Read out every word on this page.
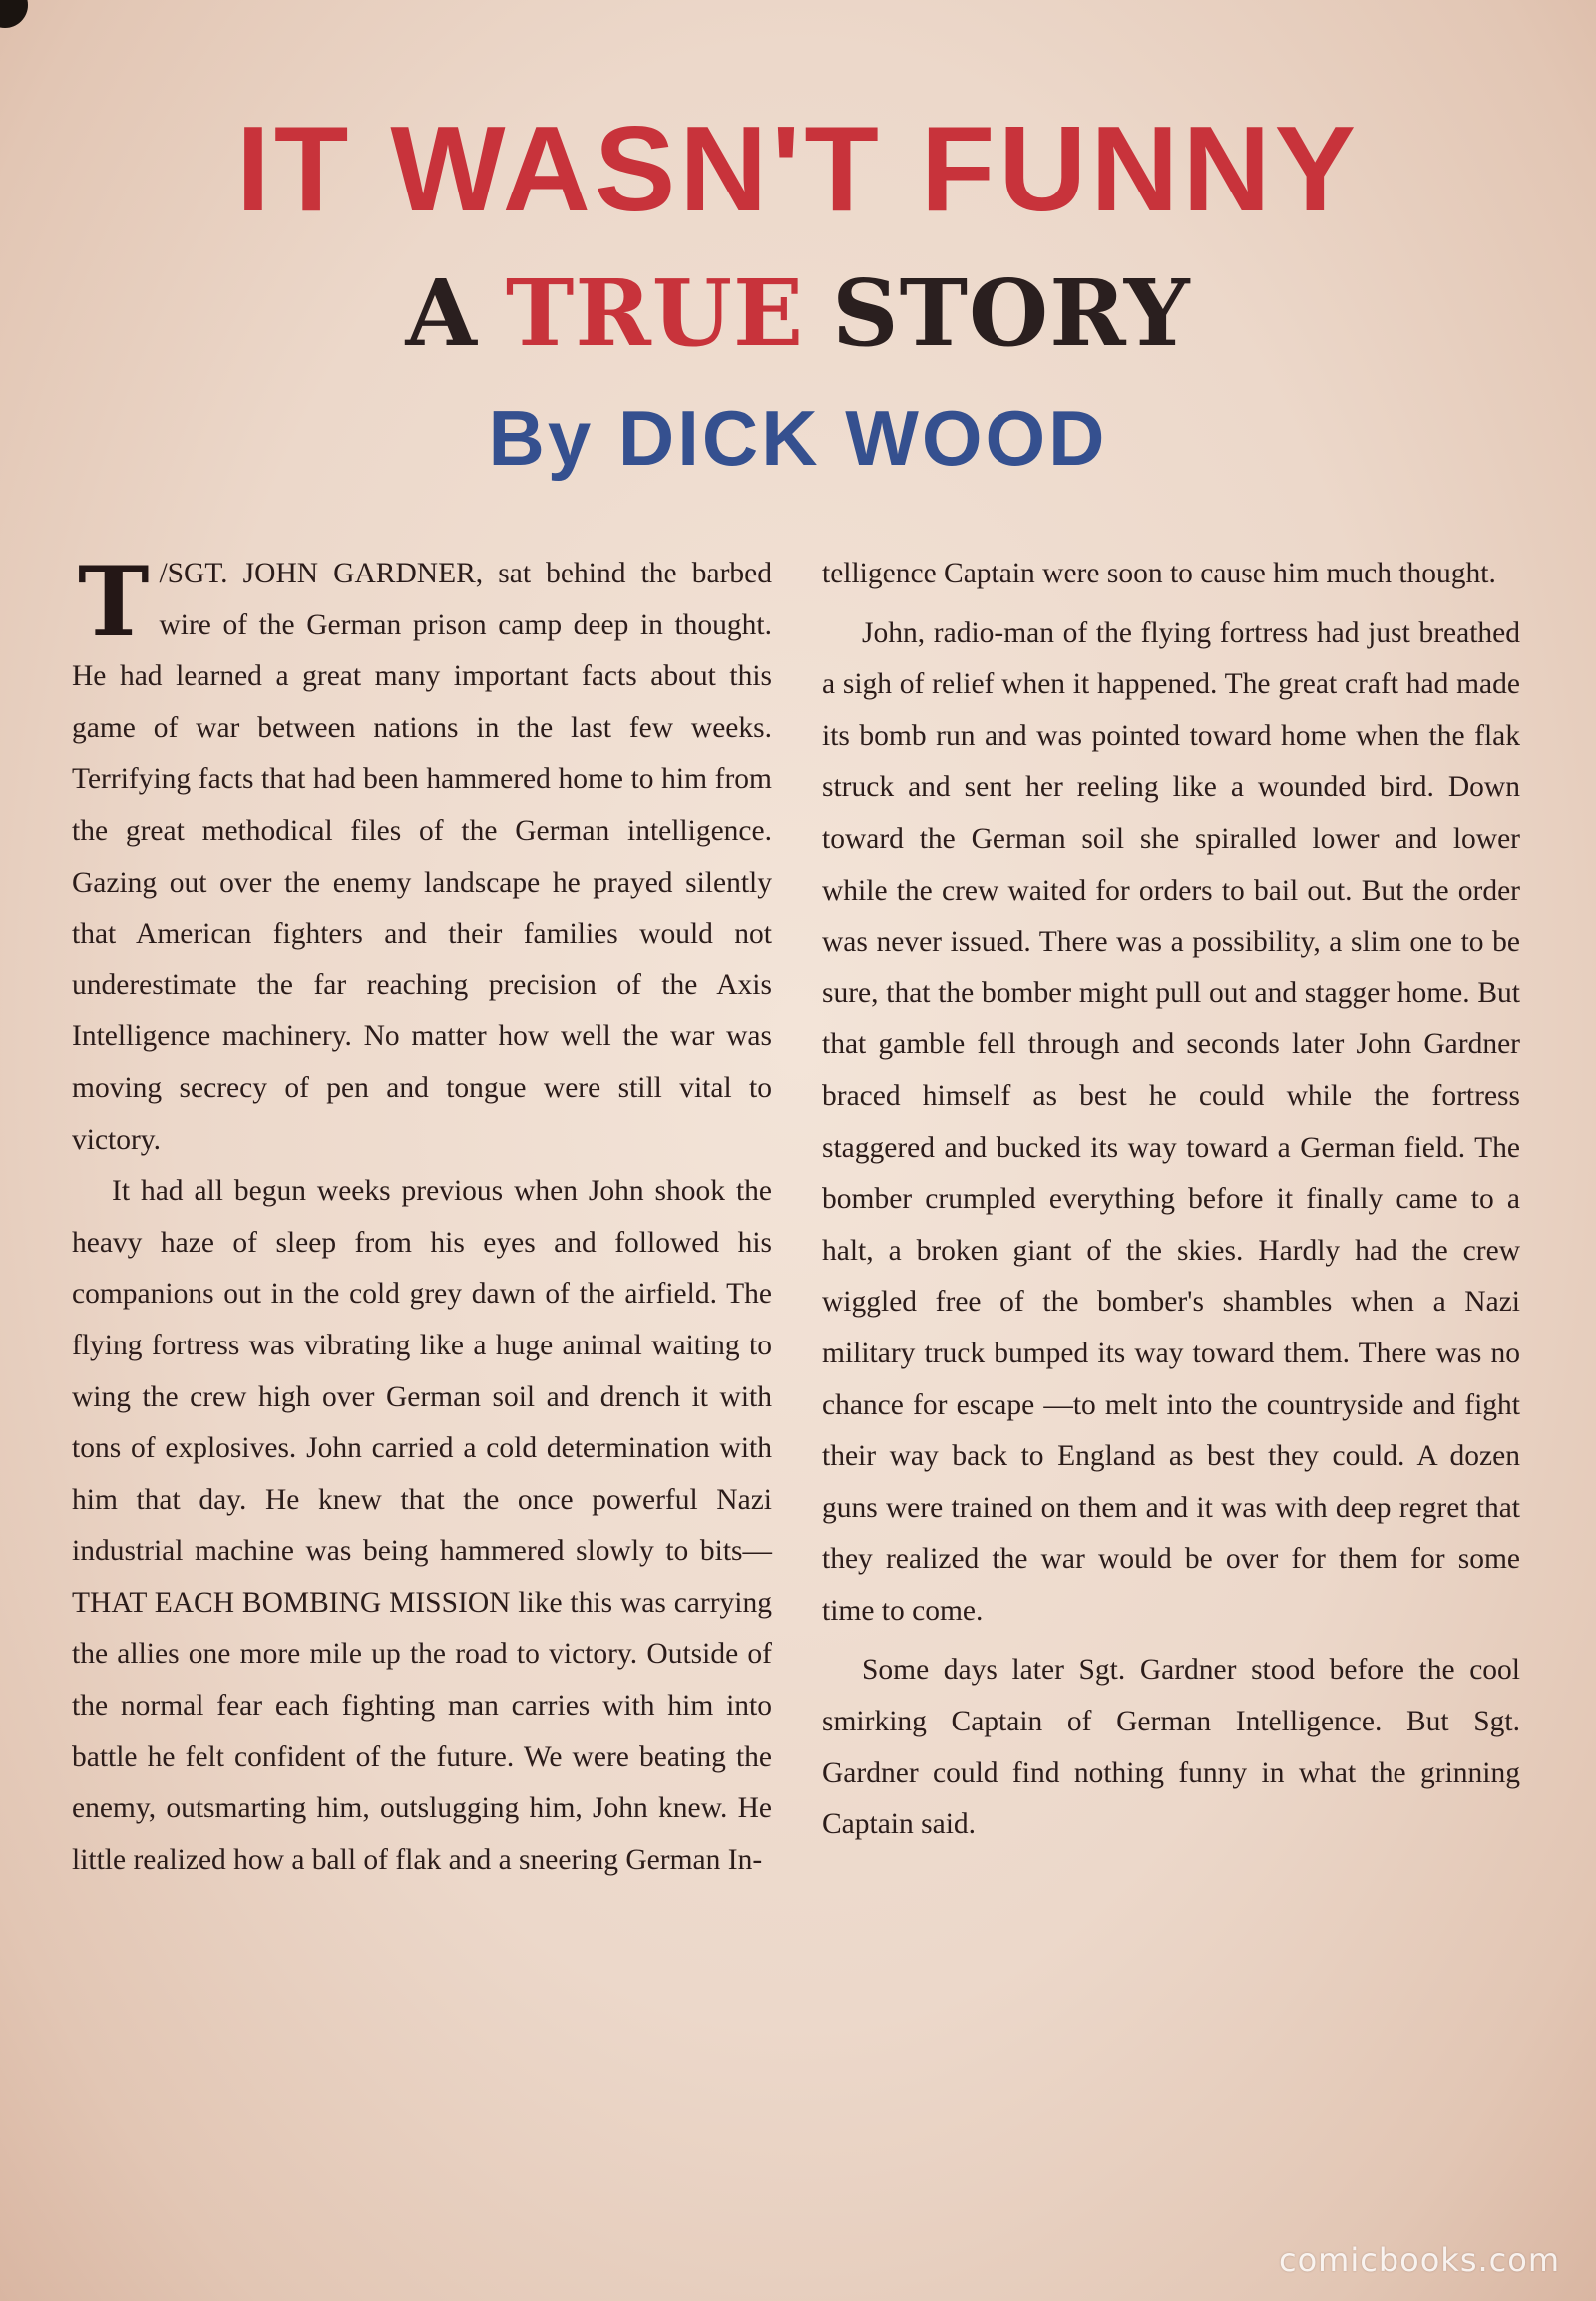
IT WASN'T FUNNY
A TRUE STORY
By DICK WOOD

T /SGT. JOHN GARDNER, sat behind the barbed wire of the German prison camp deep in thought. He had learned a great many important facts about this game of war between nations in the last few weeks. Terrifying facts that had been hammered home to him from the great methodical files of the German intelligence. Gazing out over the enemy landscape he prayed silently that American fighters and their families would not underestimate the far reaching precision of the Axis Intelligence machinery. No matter how well the war was moving secrecy of pen and tongue were still vital to victory.

It had all begun weeks previous when John shook the heavy haze of sleep from his eyes and followed his companions out in the cold grey dawn of the airfield. The flying fortress was vibrating like a huge animal waiting to wing the crew high over German soil and drench it with tons of explosives. John carried a cold determination with him that day. He knew that the once powerful Nazi industrial machine was being hammered slowly to bits—THAT EACH BOMBING MISSION like this was carrying the allies one more mile up the road to victory. Outside of the normal fear each fighting man carries with him into battle he felt confident of the future. We were beating the enemy, outsmarting him, outslugging him, John knew. He little realized how a ball of flak and a sneering German In-

telligence Captain were soon to cause him much thought.

John, radio-man of the flying fortress had just breathed a sigh of relief when it happened. The great craft had made its bomb run and was pointed toward home when the flak struck and sent her reeling like a wounded bird. Down toward the German soil she spiralled lower and lower while the crew waited for orders to bail out. But the order was never issued. There was a possibility, a slim one to be sure, that the bomber might pull out and stagger home. But that gamble fell through and seconds later John Gardner braced himself as best he could while the fortress staggered and bucked its way toward a German field. The bomber crumpled everything before it finally came to a halt, a broken giant of the skies. Hardly had the crew wiggled free of the bomber's shambles when a Nazi military truck bumped its way toward them. There was no chance for escape —to melt into the countryside and fight their way back to England as best they could. A dozen guns were trained on them and it was with deep regret that they realized the war would be over for them for some time to come.

Some days later Sgt. Gardner stood before the cool smirking Captain of German Intelligence. But Sgt. Gardner could find nothing funny in what the grinning Captain said.

comicbooks.com
